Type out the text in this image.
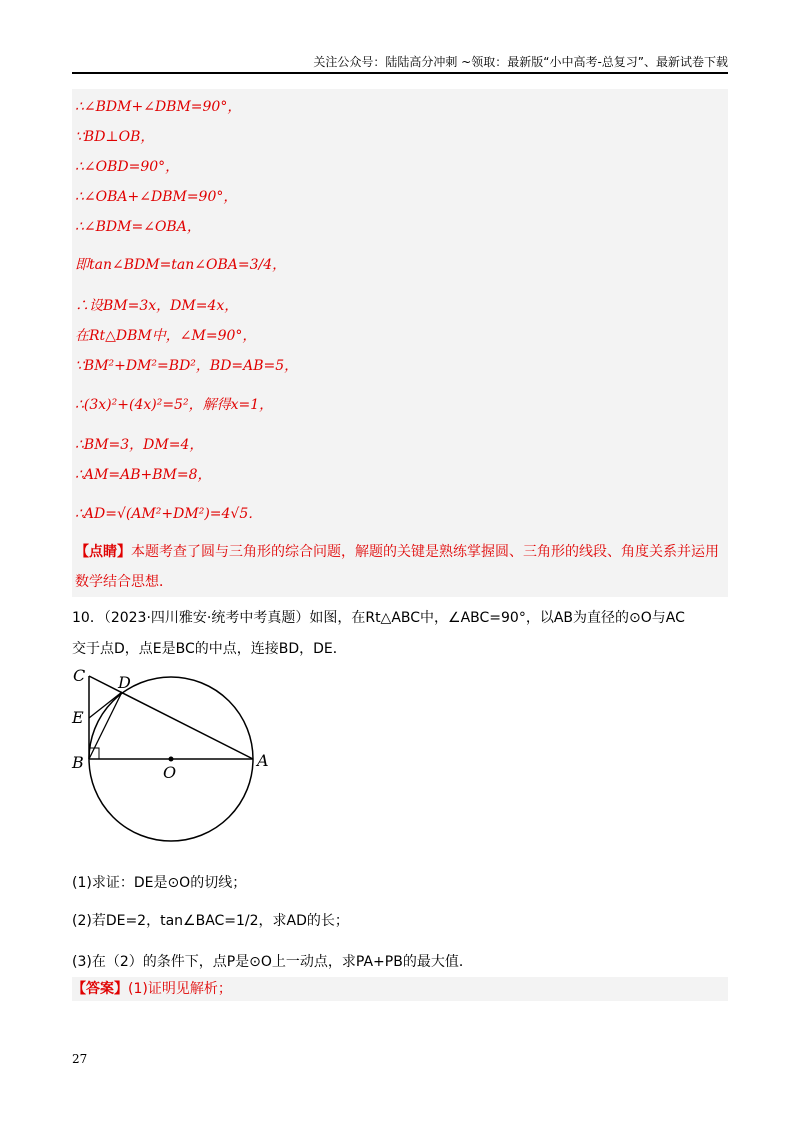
关注公众号：陆陆高分冲刺 ~领取：最新版“小中高考-总复习”、最新试卷下载
∴∠BDM+∠DBM=90°，
∵BD⊥OB，
∴∠OBD=90°，
∴∠OBA+∠DBM=90°，
∴∠BDM=∠OBA，
即tan∠BDM=tan∠OBA=3/4，
∴设BM=3x，DM=4x，
在Rt△DBM中，∠M=90°，
∵BM²+DM²=BD²，BD=AB=5，
∴(3x)²+(4x)²=5²，解得x=1，
∴BM=3，DM=4，
∴AM=AB+BM=8，
∴AD=√(AM²+DM²)=4√5．
【点睛】本题考查了圆与三角形的综合问题，解题的关键是熟练掌握圆、三角形的线段、角度关系并运用数学结合思想．
10．（2023·四川雅安·统考中考真题）如图，在Rt△ABC中，∠ABC=90°，以AB为直径的⊙O与AC
交于点D，点E是BC的中点，连接BD，DE．
C D
E
B
O
A
(1)求证：DE是⊙O的切线；
(2)若DE=2，tan∠BAC=1/2，求AD的长；
(3)在（2）的条件下，点P是⊙O上一动点，求PA+PB的最大值．
【答案】(1)证明见解析；
27
